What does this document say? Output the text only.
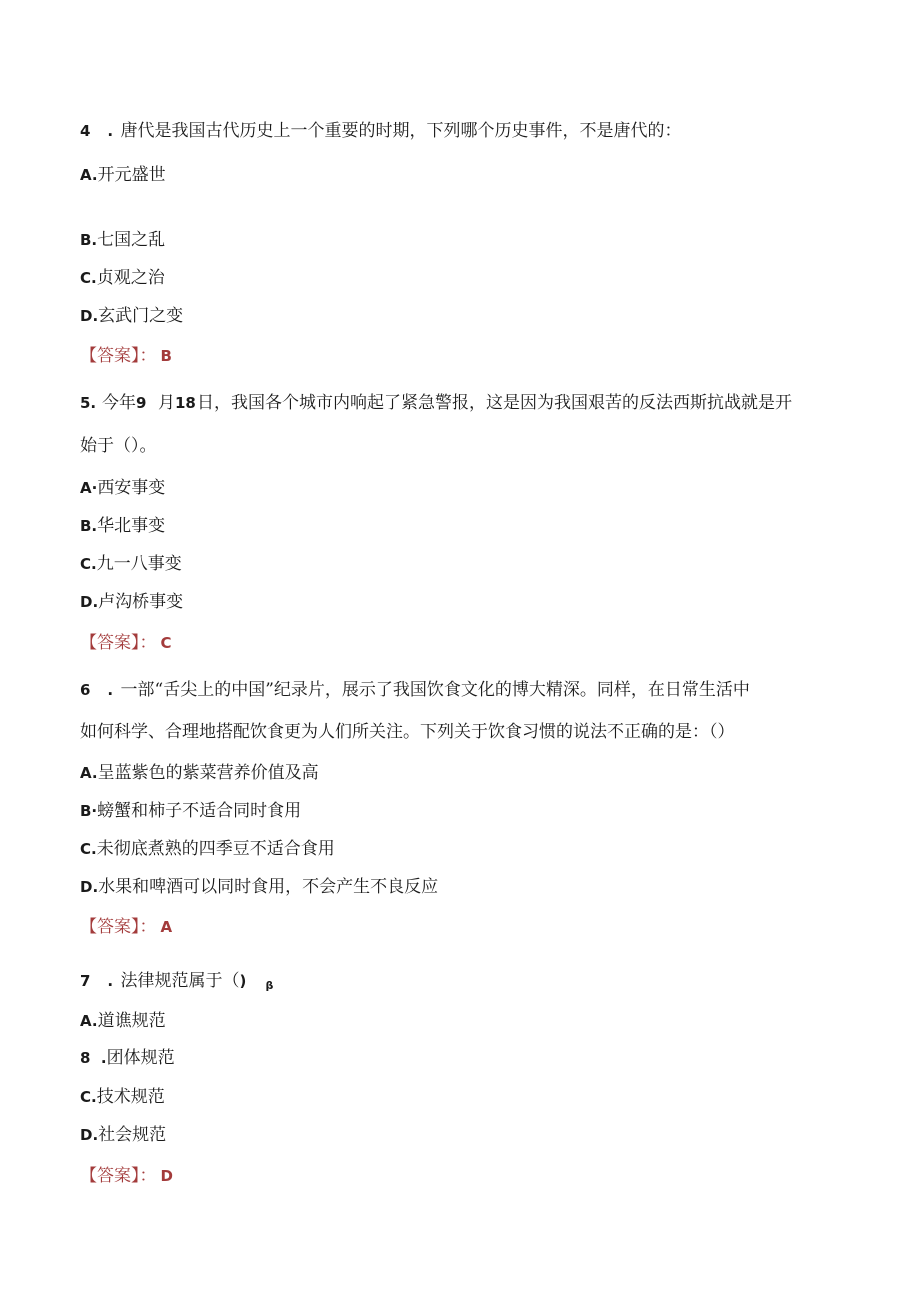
4 . 唐代是我国古代历史上一个重要的时期，下列哪个历史事件，不是唐代的：
A.开元盛世
B.七国之乱
C.贞观之治
D.玄武门之变
【答案】： B
5. 今年9 月18日，我国各个城市内响起了紧急警报，这是因为我国艰苦的反法西斯抗战就是开
始于（）。
A·西安事变
B.华北事变
C.九一八事变
D.卢沟桥事变
【答案】： C
6 . 一部“舌尖上的中国”纪录片，展示了我国饮食文化的博大精深。同样，在日常生活中
如何科学、合理地搭配饮食更为人们所关注。下列关于饮食习惯的说法不正确的是：（）
A.呈蓝紫色的紫菜营养价值及高
B·螃蟹和柿子不适合同时食用
C.未彻底煮熟的四季豆不适合食用
D.水果和啤酒可以同时食用，不会产生不良反应
【答案】： A
7 . 法律规范属于（) β
A.道谯规范
8  .团体规范
C.技术规范
D.社会规范
【答案】： D
